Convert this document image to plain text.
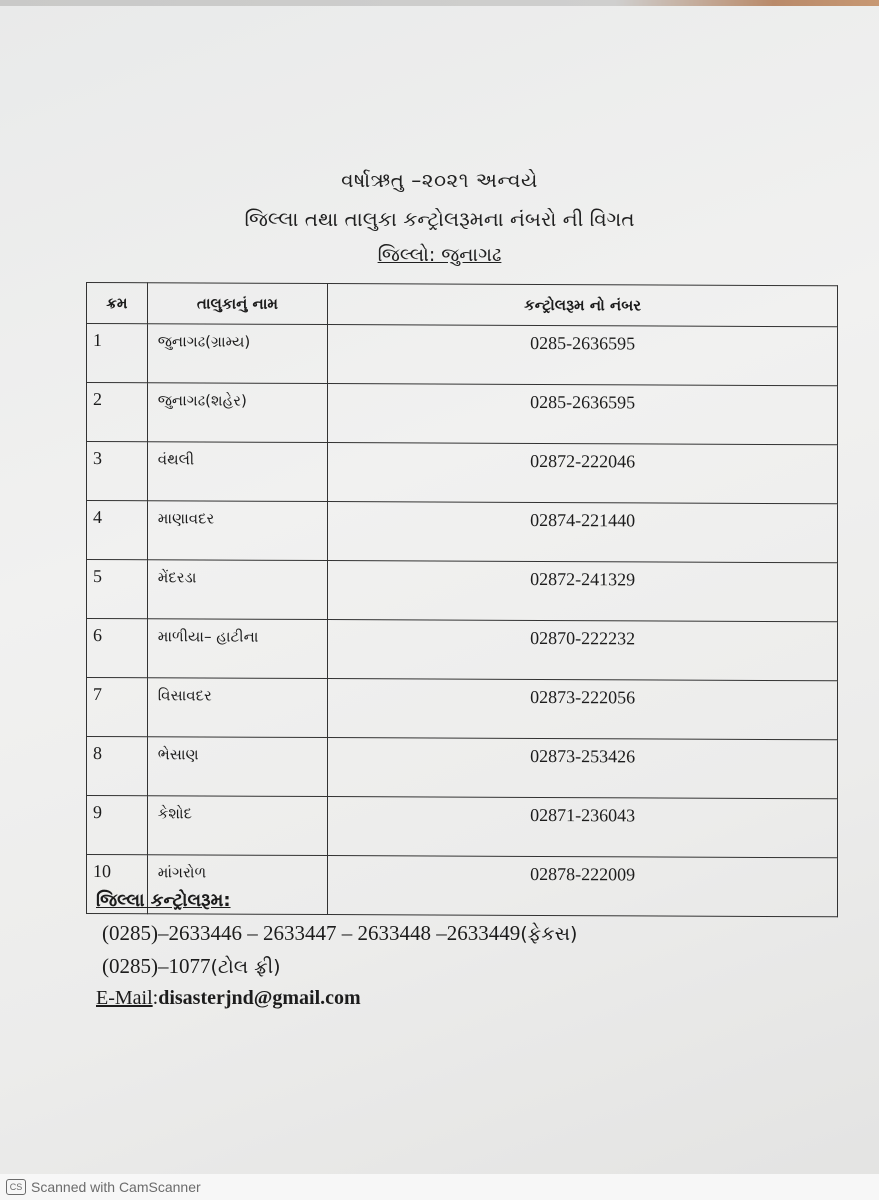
વર્ષાઋતુ –૨૦૨૧ અન્વયે
જિલ્લા તથા તાલુકા કન્ટ્રોલરૂમના નંબરો ની વિગત
જિલ્લો: જુનાગઢ
ક્રમ	તાલુકાનું નામ	કન્ટ્રોલરૂમ નો નંબર
1	જુનાગઢ(ગ્રામ્ય)	0285-2636595
2	જુનાગઢ(શહેર)	0285-2636595
3	વંથલી	02872-222046
4	માણાવદર	02874-221440
5	મેંદરડા	02872-241329
6	માળીયા– હાટીના	02870-222232
7	વિસાવદર	02873-222056
8	ભેસાણ	02873-253426
9	કેશોદ	02871-236043
10	માંગરોળ	02878-222009
જિલ્લા કન્ટ્રોલરૂમ:
(0285)–2633446 – 2633447 – 2633448 –2633449(ફેકસ)
(0285)–1077(ટોલ ફ્રી)
E-Mail:disasterjnd@gmail.com
CS Scanned with CamScanner
